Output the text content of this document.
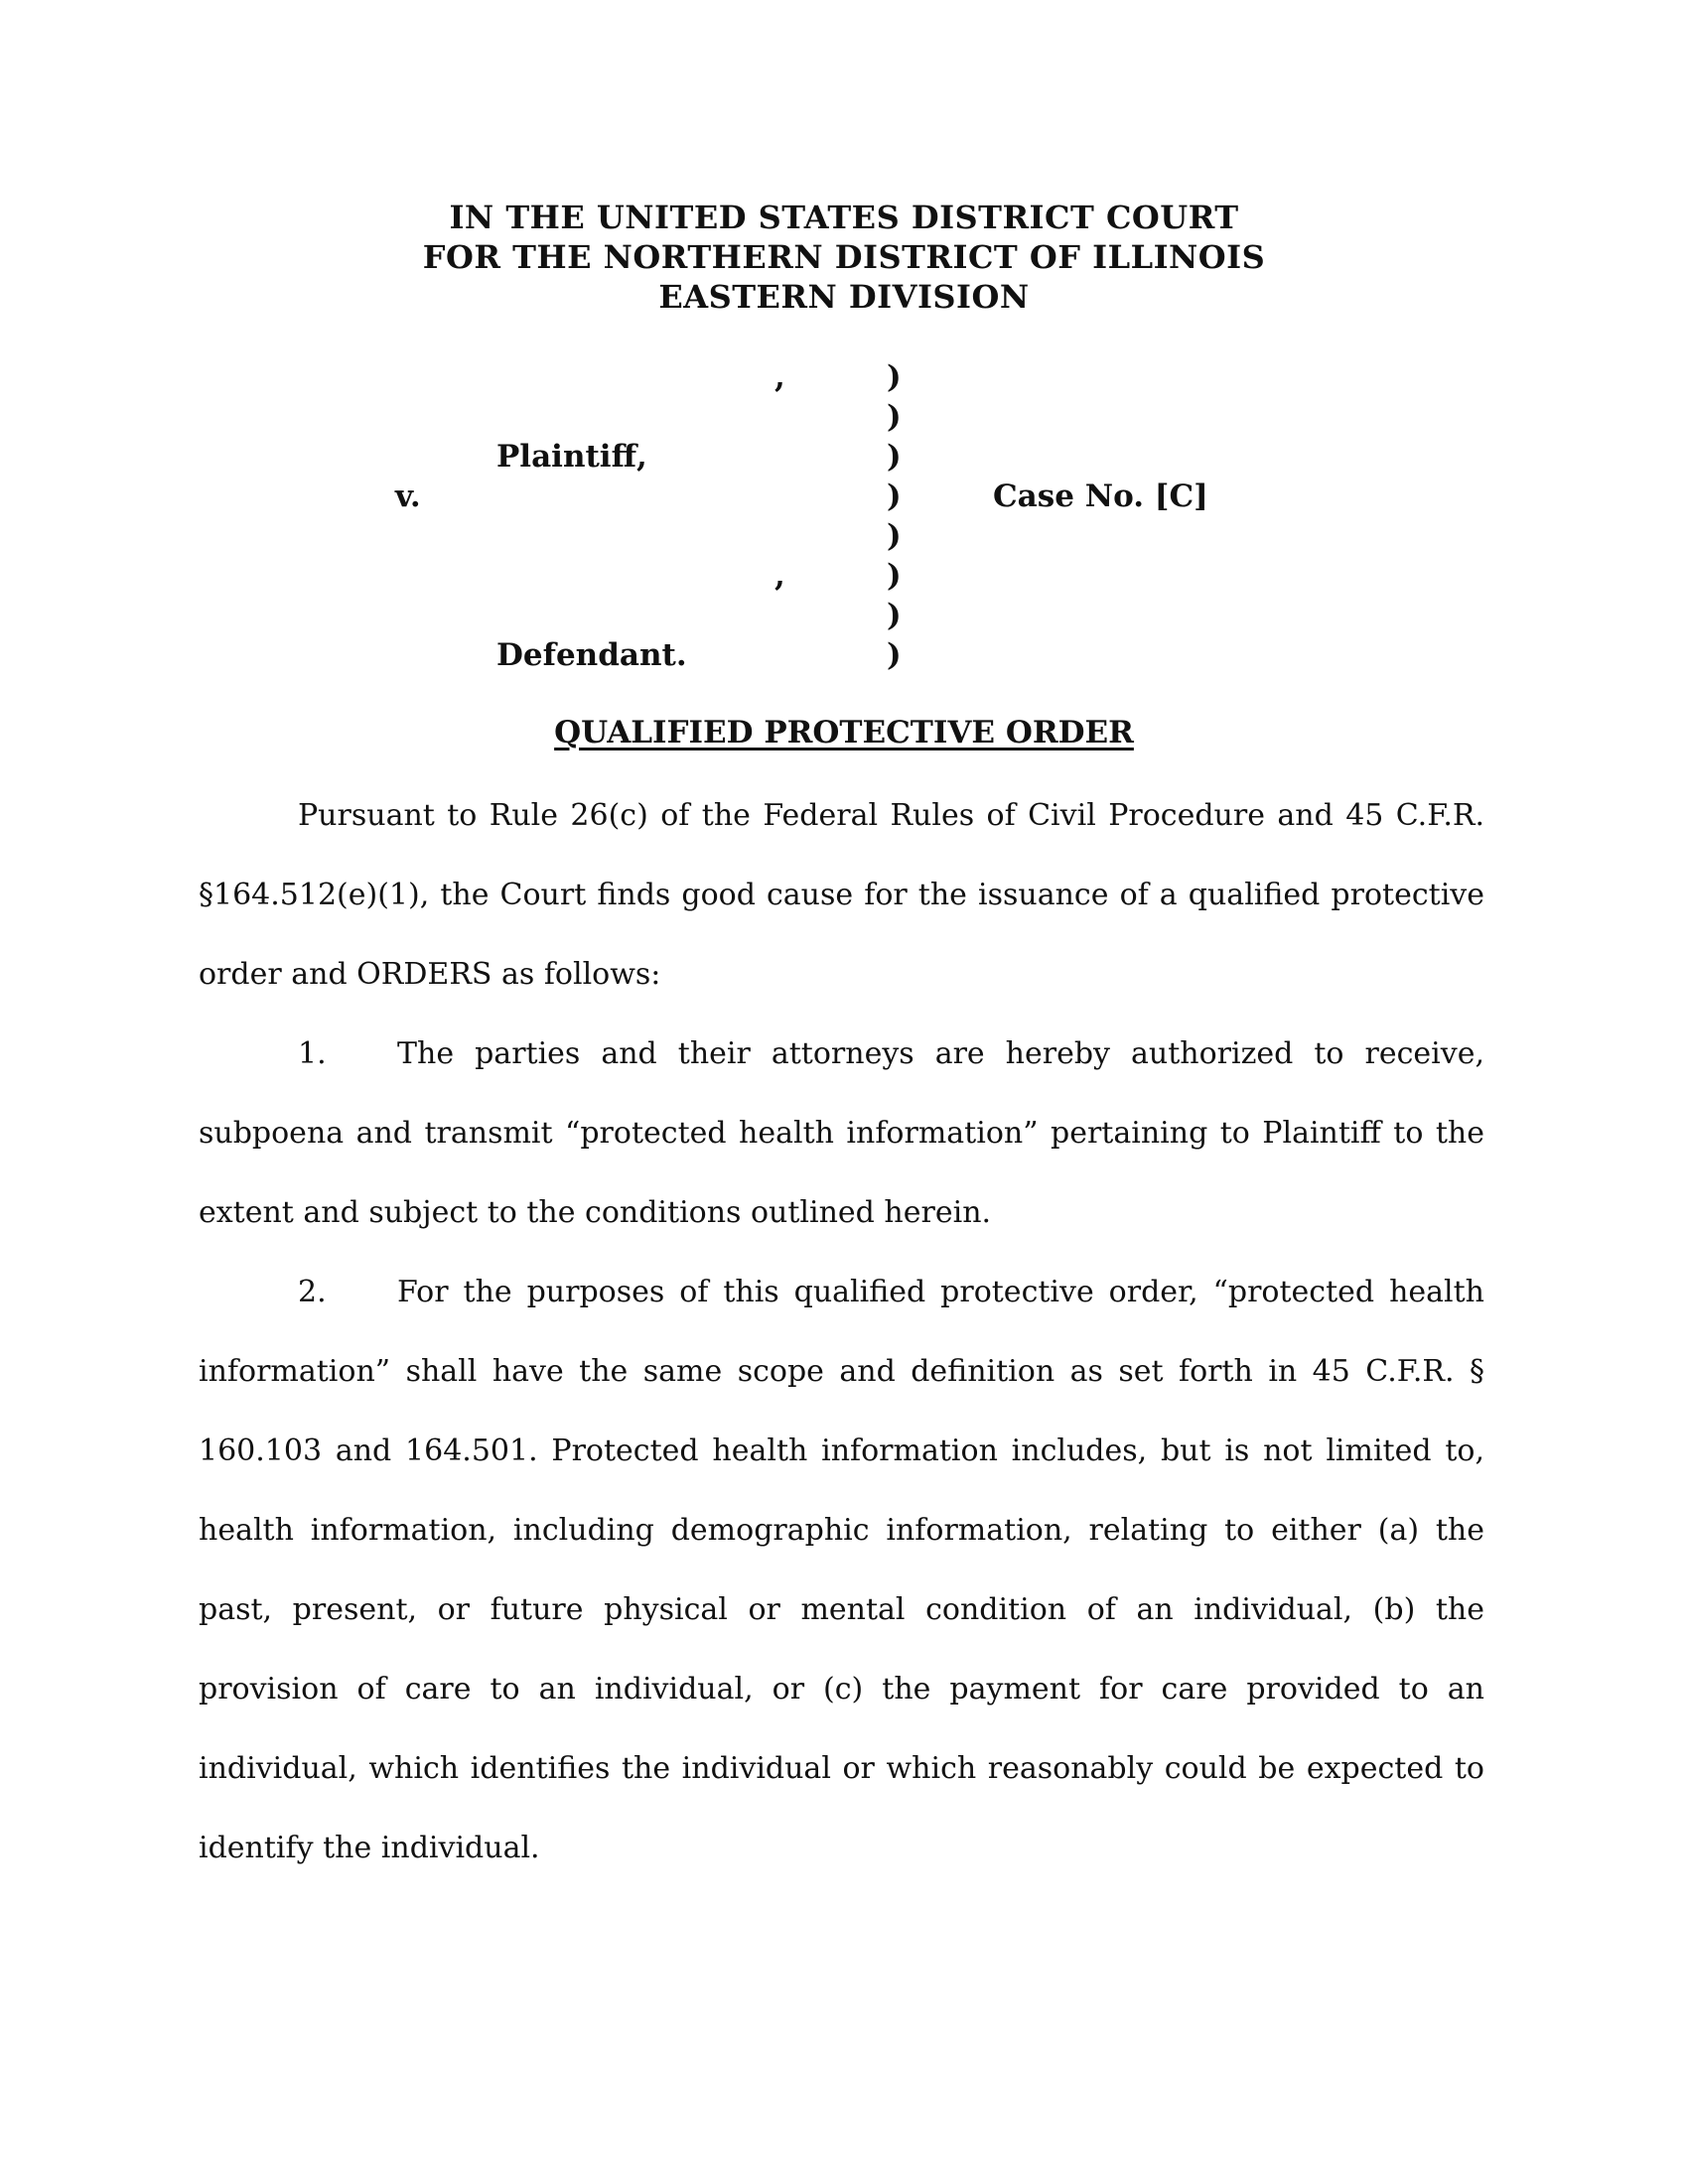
IN THE UNITED STATES DISTRICT COURT
FOR THE NORTHERN DISTRICT OF ILLINOIS
EASTERN DIVISION
,
Plaintiff,
v.
,
Defendant.
Case No. [C]
)
)
)
)
)
)
)
)
QUALIFIED PROTECTIVE ORDER

Pursuant to Rule 26(c) of the Federal Rules of Civil Procedure and 45 C.F.R. §164.512(e)(1), the Court finds good cause for the issuance of a qualified protective order and ORDERS as follows:

1. The parties and their attorneys are hereby authorized to receive, subpoena and transmit “protected health information” pertaining to Plaintiff to the extent and subject to the conditions outlined herein.

2. For the purposes of this qualified protective order, “protected health information” shall have the same scope and definition as set forth in 45 C.F.R. § 160.103 and 164.501. Protected health information includes, but is not limited to, health information, including demographic information, relating to either (a) the past, present, or future physical or mental condition of an individual, (b) the provision of care to an individual, or (c) the payment for care provided to an individual, which identifies the individual or which reasonably could be expected to identify the individual.
